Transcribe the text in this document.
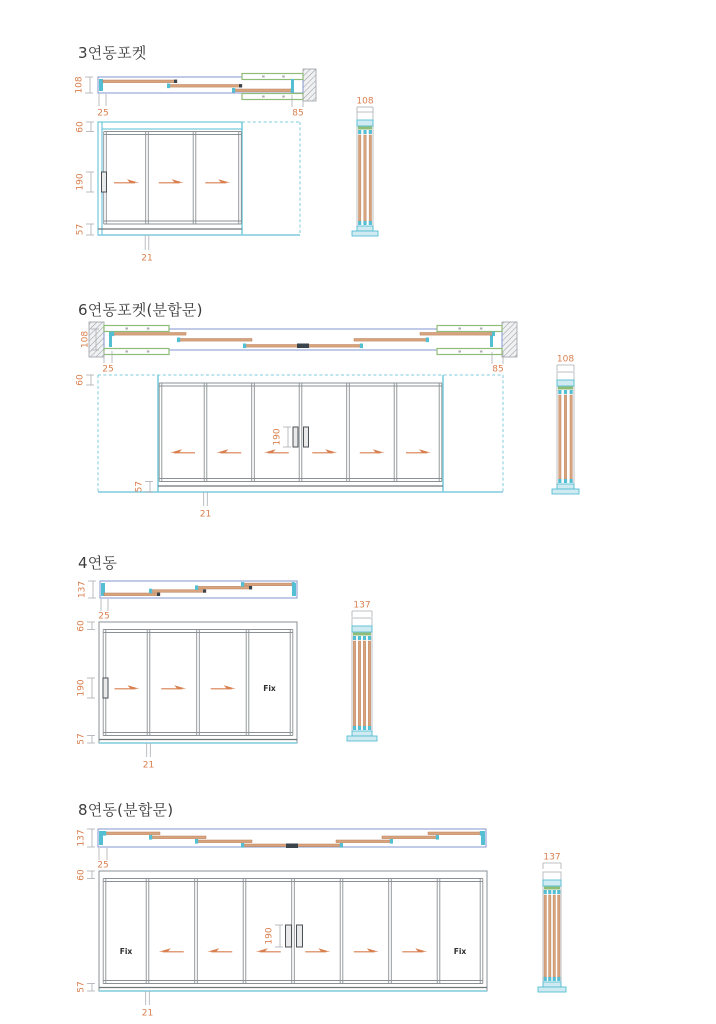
3연동포켓
6연동포켓(분합문)
4연동
8연동(분합문)
108
25	85
60
190
57
21
108
108
25	85
60
190
57
21
108
137
25
Fix
60
190
57
21
137
137
25
Fix	Fix
60
190
57
21
137
